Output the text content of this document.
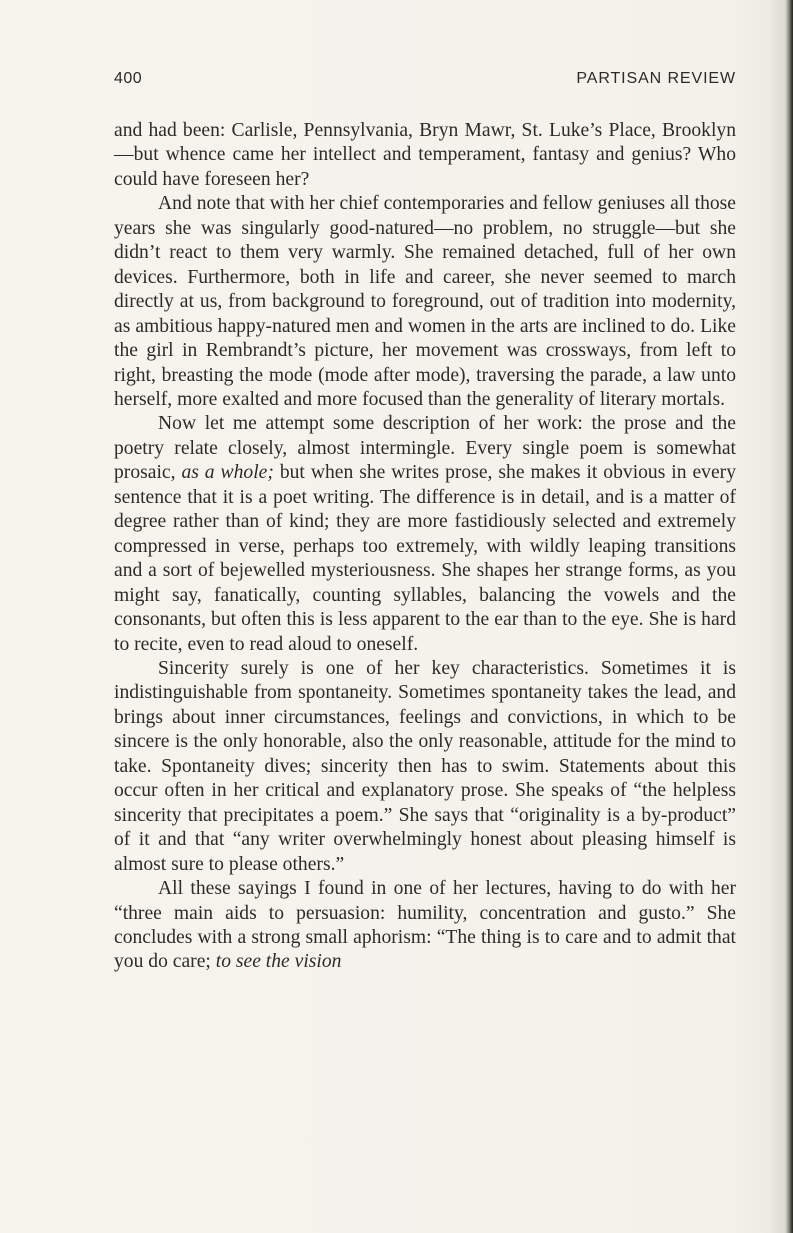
400	PARTISAN REVIEW

and had been: Carlisle, Pennsylvania, Bryn Mawr, St. Luke’s Place, Brooklyn—but whence came her intellect and temperament, fantasy and genius? Who could have foreseen her?

And note that with her chief contemporaries and fellow geniuses all those years she was singularly good-natured—no problem, no struggle—but she didn’t react to them very warmly. She remained detached, full of her own devices. Furthermore, both in life and career, she never seemed to march directly at us, from background to foreground, out of tradition into modernity, as ambitious happy-natured men and women in the arts are inclined to do. Like the girl in Rembrandt’s picture, her movement was crossways, from left to right, breasting the mode (mode after mode), traversing the parade, a law unto herself, more exalted and more focused than the generality of literary mortals.

Now let me attempt some description of her work: the prose and the poetry relate closely, almost intermingle. Every single poem is somewhat prosaic, as a whole; but when she writes prose, she makes it obvious in every sentence that it is a poet writing. The difference is in detail, and is a matter of degree rather than of kind; they are more fastidiously selected and extremely compressed in verse, perhaps too extremely, with wildly leaping transitions and a sort of bejewelled mysteriousness. She shapes her strange forms, as you might say, fanatically, counting syllables, balancing the vowels and the consonants, but often this is less apparent to the ear than to the eye. She is hard to recite, even to read aloud to oneself.

Sincerity surely is one of her key characteristics. Sometimes it is indistinguishable from spontaneity. Sometimes spontaneity takes the lead, and brings about inner circumstances, feelings and convictions, in which to be sincere is the only honorable, also the only reasonable, attitude for the mind to take. Spontaneity dives; sincerity then has to swim. Statements about this occur often in her critical and explanatory prose. She speaks of “the helpless sincerity that precipitates a poem.” She says that “originality is a by-product” of it and that “any writer overwhelmingly honest about pleasing himself is almost sure to please others.”

All these sayings I found in one of her lectures, having to do with her “three main aids to persuasion: humility, concentration and gusto.” She concludes with a strong small aphorism: “The thing is to care and to admit that you do care; to see the vision
